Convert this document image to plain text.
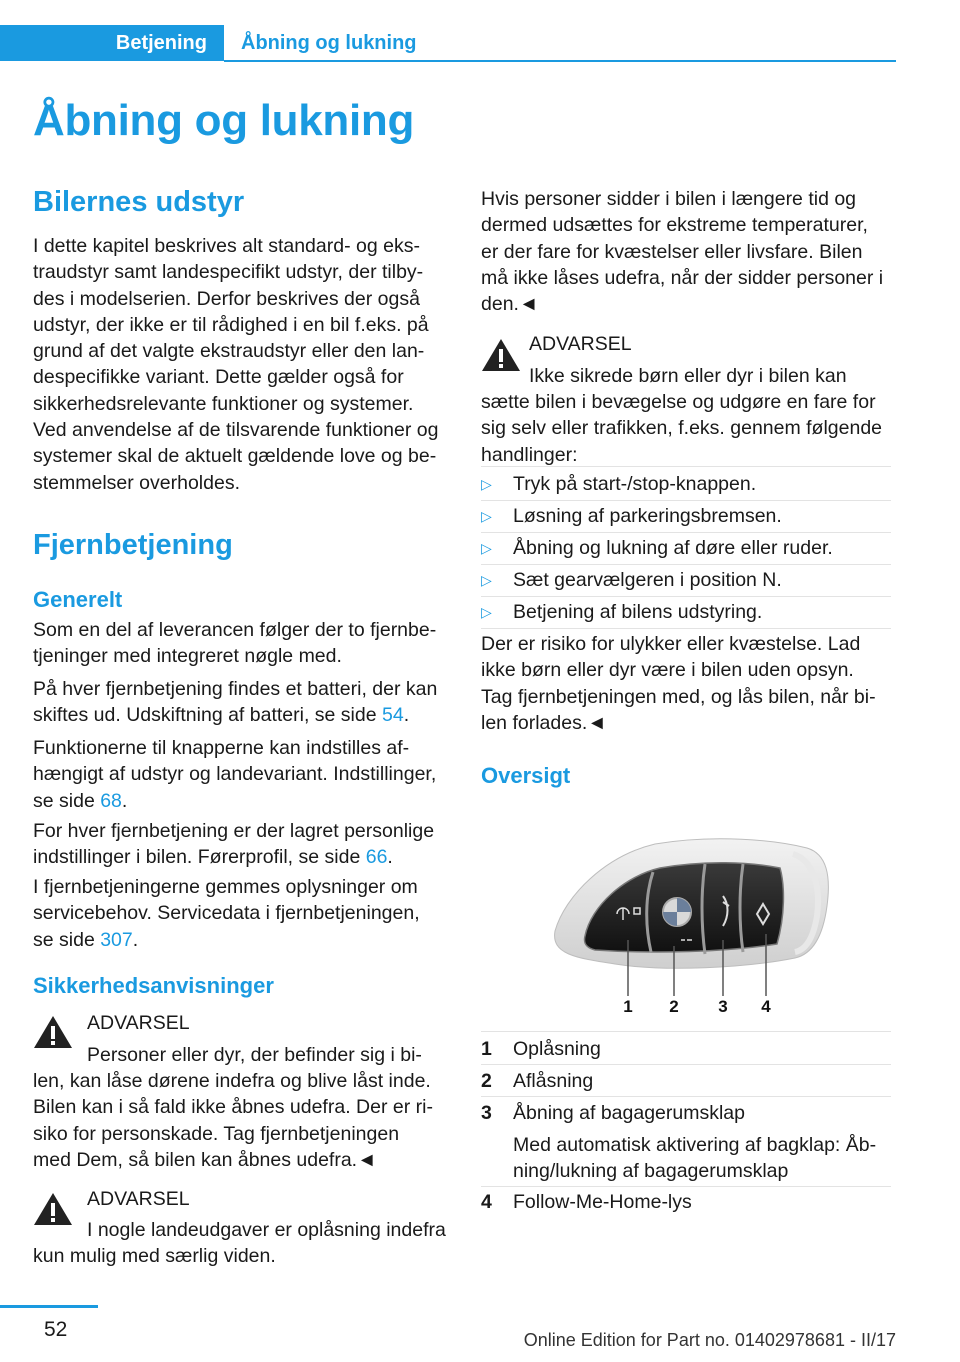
Betjening	Åbning og lukning
Åbning og lukning
Bilernes udstyr
I dette kapitel beskrives alt standard- og eks‐
traudstyr samt landespecifikt udstyr, der tilby‐
des i modelserien. Derfor beskrives der også
udstyr, der ikke er til rådighed i en bil f.eks. på
grund af det valgte ekstraudstyr eller den lan‐
despecifikke variant. Dette gælder også for
sikkerhedsrelevante funktioner og systemer.
Ved anvendelse af de tilsvarende funktioner og
systemer skal de aktuelt gældende love og be‐
stemmelser overholdes.
Fjernbetjening
Generelt
Som en del af leverancen følger der to fjernbe‐
tjeninger med integreret nøgle med.
På hver fjernbetjening findes et batteri, der kan
skiftes ud. Udskiftning af batteri, se side 54.
Funktionerne til knapperne kan indstilles af‐
hængigt af udstyr og landevariant. Indstillinger,
se side 68.
For hver fjernbetjening er der lagret personlige
indstillinger i bilen. Førerprofil, se side 66.
I fjernbetjeningerne gemmes oplysninger om
servicebehov. Servicedata i fjernbetjeningen,
se side 307.
Sikkerhedsanvisninger
ADVARSEL
Personer eller dyr, der befinder sig i bi‐
len, kan låse dørene indefra og blive låst inde.
Bilen kan i så fald ikke åbnes udefra. Der er ri‐
siko for personskade. Tag fjernbetjeningen
med Dem, så bilen kan åbnes udefra.◄
ADVARSEL
I nogle landeudgaver er oplåsning indefra
kun mulig med særlig viden.
Hvis personer sidder i bilen i længere tid og
dermed udsættes for ekstreme temperaturer,
er der fare for kvæstelser eller livsfare. Bilen
må ikke låses udefra, når der sidder personer i
den.◄
ADVARSEL
Ikke sikrede børn eller dyr i bilen kan
sætte bilen i bevægelse og udgøre en fare for
sig selv eller trafikken, f.eks. gennem følgende
handlinger:
▷ Tryk på start-/stop-knappen.
▷ Løsning af parkeringsbremsen.
▷ Åbning og lukning af døre eller ruder.
▷ Sæt gearvælgeren i position N.
▷ Betjening af bilens udstyring.
Der er risiko for ulykker eller kvæstelse. Lad
ikke børn eller dyr være i bilen uden opsyn.
Tag fjernbetjeningen med, og lås bilen, når bi‐
len forlades.◄
Oversigt
1 2 3 4
1 Oplåsning
2 Aflåsning
3 Åbning af bagagerumsklap
Med automatisk aktivering af bagklap: Åb‐
ning/lukning af bagagerumsklap
4 Follow-Me-Home-lys
52	Online Edition for Part no. 01402978681 - II/17
